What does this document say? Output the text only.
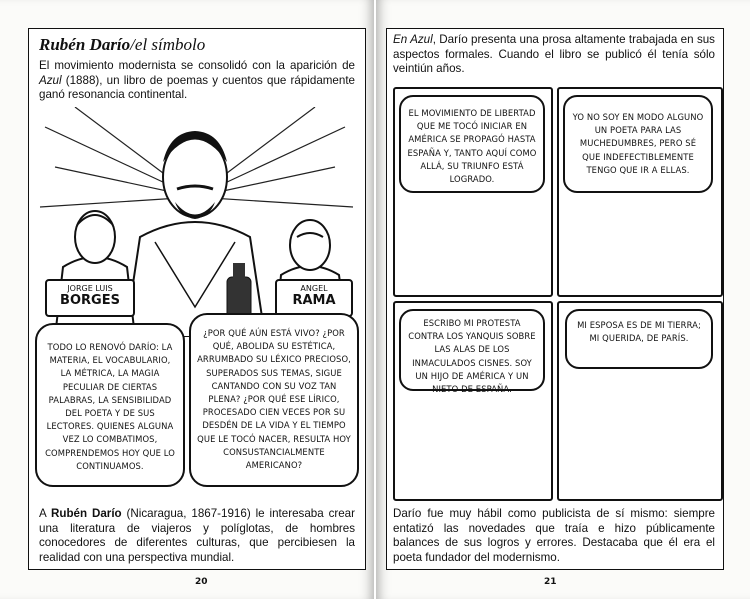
Rubén Darío/el símbolo
El movimiento modernista se consolidó con la aparición de Azul (1888), un libro de poemas y cuentos que rápidamente ganó resonancia continental.
JORGE LUIS
BORGES
ANGEL
RAMA
TODO LO RENOVÓ DARÍO: LA MATERIA, EL VOCABULARIO, LA MÉTRICA, LA MAGIA PECULIAR DE CIERTAS PALABRAS, LA SENSIBILIDAD DEL POETA Y DE SUS LECTORES. QUIENES ALGUNA VEZ LO COMBATIMOS, COMPRENDEMOS HOY QUE LO CONTINUAMOS.
¿POR QUÉ AÚN ESTÁ VIVO? ¿POR QUÉ, ABOLIDA SU ESTÉTICA, ARRUMBADO SU LÉXICO PRECIOSO, SUPERADOS SUS TEMAS, SIGUE CANTANDO CON SU VOZ TAN PLENA? ¿POR QUÉ ESE LÍRICO, PROCESADO CIEN VECES POR SU DESDÉN DE LA VIDA Y EL TIEMPO QUE LE TOCÓ NACER, RESULTA HOY CONSUSTANCIALMENTE AMERICANO?
A Rubén Darío (Nicaragua, 1867-1916) le interesaba crear una literatura de viajeros y políglotas, de hombres conocedores de diferentes culturas, que percibiesen la realidad con una perspectiva mundial.
20
En Azul, Darío presenta una prosa altamente trabajada en sus aspectos formales. Cuando el libro se publicó él tenía sólo veintiún años.
EL MOVIMIENTO DE LIBERTAD QUE ME TOCÓ INICIAR EN AMÉRICA SE PROPAGÓ HASTA ESPAÑA Y, TANTO AQUÍ COMO ALLÁ, SU TRIUNFO ESTÁ LOGRADO.
YO NO SOY EN MODO ALGUNO UN POETA PARA LAS MUCHEDUMBRES, PERO SÉ QUE INDEFECTIBLEMENTE TENGO QUE IR A ELLAS.
ESCRIBO MI PROTESTA CONTRA LOS YANQUIS SOBRE LAS ALAS DE LOS INMACULADOS CISNES. SOY UN HIJO DE AMÉRICA Y UN NIETO DE ESPAÑA.
MI ESPOSA ES DE MI TIERRA; MI QUERIDA, DE PARÍS.
Darío fue muy hábil como publicista de sí mismo: siempre entatizó las novedades que traía e hizo públicamente balances de sus logros y errores. Destacaba que él era el poeta fundador del modernismo.
21
